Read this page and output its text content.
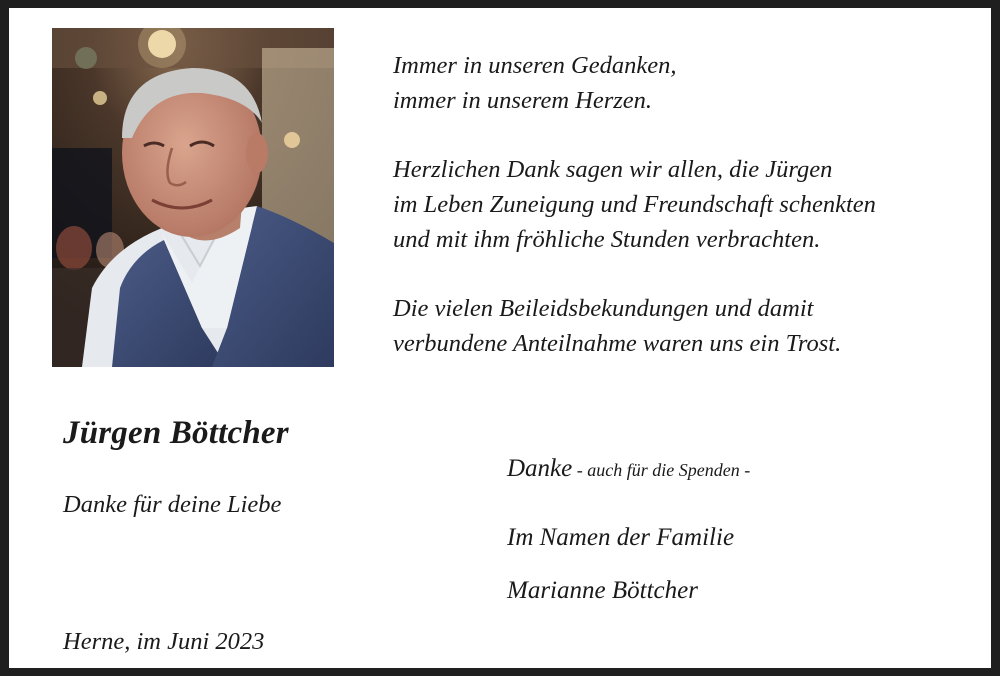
Immer in unseren Gedanken,

immer in unserem Herzen.

Herzlichen Dank sagen wir allen, die Jürgen

im Leben Zuneigung und Freundschaft schenkten

und mit ihm fröhliche Stunden verbrachten.

Die vielen Beileidsbekundungen und damit

verbundene Anteilnahme waren uns ein Trost.

Jürgen Böttcher
Danke für deine Liebe
Herne, im Juni 2023
Danke - auch für die Spenden -
Im Namen der Familie
Marianne Böttcher
